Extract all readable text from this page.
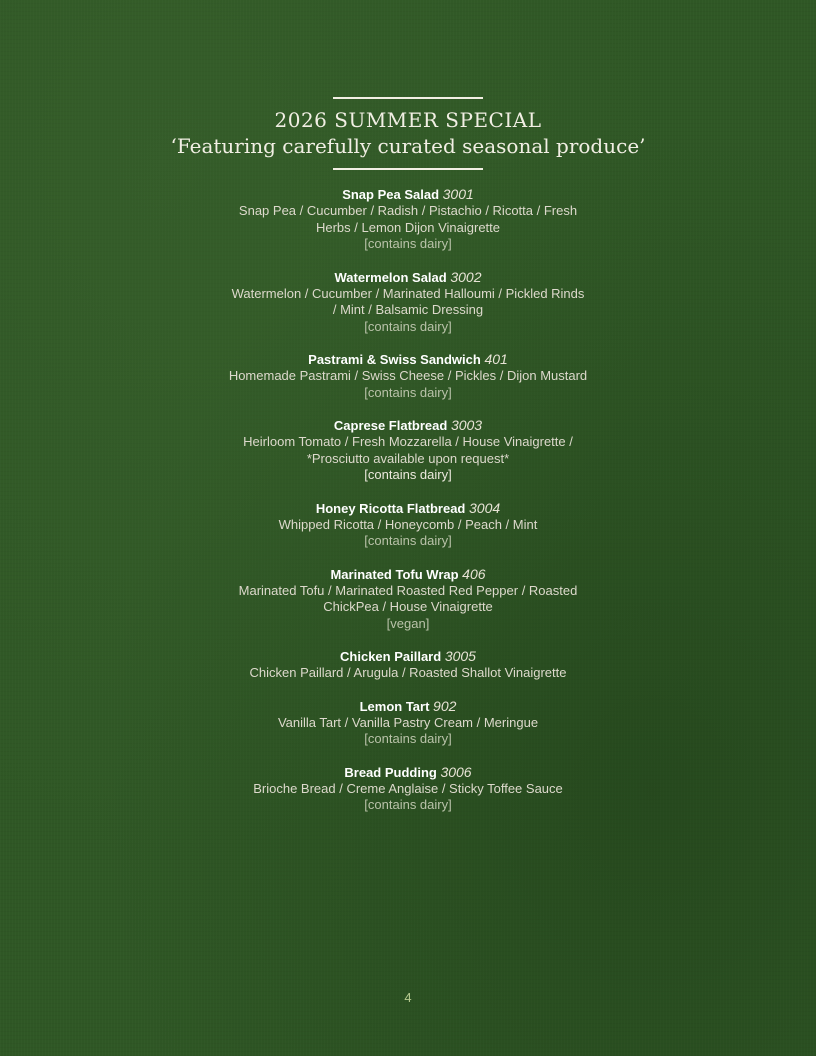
2026 SUMMER SPECIAL
‘Featuring carefully curated seasonal produce’
Snap Pea Salad 3001
Snap Pea / Cucumber / Radish / Pistachio / Ricotta / Fresh Herbs / Lemon Dijon Vinaigrette
[contains dairy]
Watermelon Salad 3002
Watermelon / Cucumber / Marinated Halloumi / Pickled Rinds / Mint / Balsamic Dressing
[contains dairy]
Pastrami & Swiss Sandwich 401
Homemade Pastrami / Swiss Cheese / Pickles / Dijon Mustard
[contains dairy]
Caprese Flatbread 3003
Heirloom Tomato / Fresh Mozzarella / House Vinaigrette / *Prosciutto available upon request*
[contains dairy]
Honey Ricotta Flatbread 3004
Whipped Ricotta / Honeycomb / Peach / Mint
[contains dairy]
Marinated Tofu Wrap 406
Marinated Tofu / Marinated Roasted Red Pepper / Roasted ChickPea / House Vinaigrette
[vegan]
Chicken Paillard 3005
Chicken Paillard / Arugula / Roasted Shallot Vinaigrette
Lemon Tart 902
Vanilla Tart / Vanilla Pastry Cream / Meringue
[contains dairy]
Bread Pudding 3006
Brioche Bread / Creme Anglaise / Sticky Toffee Sauce
[contains dairy]
4
